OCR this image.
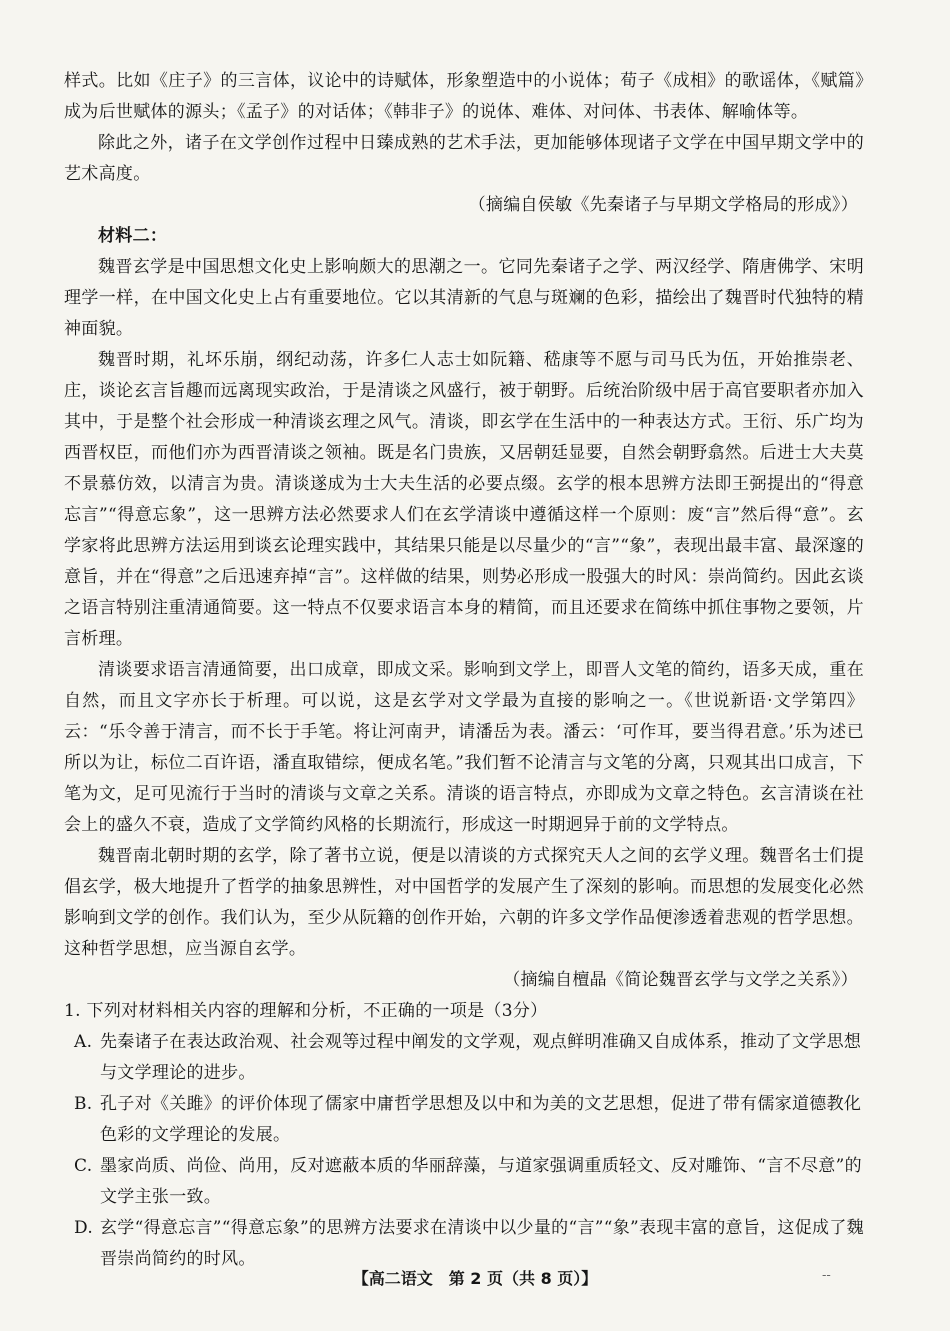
样式。比如《庄子》的三言体，议论中的诗赋体，形象塑造中的小说体；荀子《成相》的歌谣体，《赋篇》成为后世赋体的源头；《孟子》的对话体；《韩非子》的说体、难体、对问体、书表体、解喻体等。

除此之外，诸子在文学创作过程中日臻成熟的艺术手法，更加能够体现诸子文学在中国早期文学中的艺术高度。

（摘编自侯敏《先秦诸子与早期文学格局的形成》）

材料二：

魏晋玄学是中国思想文化史上影响颇大的思潮之一。它同先秦诸子之学、两汉经学、隋唐佛学、宋明理学一样，在中国文化史上占有重要地位。它以其清新的气息与斑斓的色彩，描绘出了魏晋时代独特的精神面貌。

魏晋时期，礼坏乐崩，纲纪动荡，许多仁人志士如阮籍、嵇康等不愿与司马氏为伍，开始推崇老、庄，谈论玄言旨趣而远离现实政治，于是清谈之风盛行，被于朝野。后统治阶级中居于高官要职者亦加入其中，于是整个社会形成一种清谈玄理之风气。清谈，即玄学在生活中的一种表达方式。王衍、乐广均为西晋权臣，而他们亦为西晋清谈之领袖。既是名门贵族，又居朝廷显要，自然会朝野翕然。后进士大夫莫不景慕仿效，以清言为贵。清谈遂成为士大夫生活的必要点缀。玄学的根本思辨方法即王弼提出的“得意忘言”“得意忘象”，这一思辨方法必然要求人们在玄学清谈中遵循这样一个原则：废“言”然后得“意”。玄学家将此思辨方法运用到谈玄论理实践中，其结果只能是以尽量少的“言”“象”，表现出最丰富、最深邃的意旨，并在“得意”之后迅速弃掉“言”。这样做的结果，则势必形成一股强大的时风：崇尚简约。因此玄谈之语言特别注重清通简要。这一特点不仅要求语言本身的精简，而且还要求在简练中抓住事物之要领，片言析理。

清谈要求语言清通简要，出口成章，即成文采。影响到文学上，即晋人文笔的简约，语多天成，重在自然，而且文字亦长于析理。可以说，这是玄学对文学最为直接的影响之一。《世说新语·文学第四》云：“乐令善于清言，而不长于手笔。将让河南尹，请潘岳为表。潘云：‘可作耳，要当得君意。’乐为述已所以为让，标位二百许语，潘直取错综，便成名笔。”我们暂不论清言与文笔的分离，只观其出口成言，下笔为文，足可见流行于当时的清谈与文章之关系。清谈的语言特点，亦即成为文章之特色。玄言清谈在社会上的盛久不衰，造成了文学简约风格的长期流行，形成这一时期迥异于前的文学特点。

魏晋南北朝时期的玄学，除了著书立说，便是以清谈的方式探究天人之间的玄学义理。魏晋名士们提倡玄学，极大地提升了哲学的抽象思辨性，对中国哲学的发展产生了深刻的影响。而思想的发展变化必然影响到文学的创作。我们认为，至少从阮籍的创作开始，六朝的许多文学作品便渗透着悲观的哲学思想。这种哲学思想，应当源自玄学。

（摘编自檀晶《简论魏晋玄学与文学之关系》）

1. 下列对材料相关内容的理解和分析，不正确的一项是（3分）

A. 先秦诸子在表达政治观、社会观等过程中阐发的文学观，观点鲜明准确又自成体系，推动了文学思想与文学理论的进步。

B. 孔子对《关雎》的评价体现了儒家中庸哲学思想及以中和为美的文艺思想，促进了带有儒家道德教化色彩的文学理论的发展。

C. 墨家尚质、尚俭、尚用，反对遮蔽本质的华丽辞藻，与道家强调重质轻文、反对雕饰、“言不尽意”的文学主张一致。

D. 玄学“得意忘言”“得意忘象”的思辨方法要求在清谈中以少量的“言”“象”表现丰富的意旨，这促成了魏晋崇尚简约的时风。

【高二语文　第 2 页（共 8 页）】	--
